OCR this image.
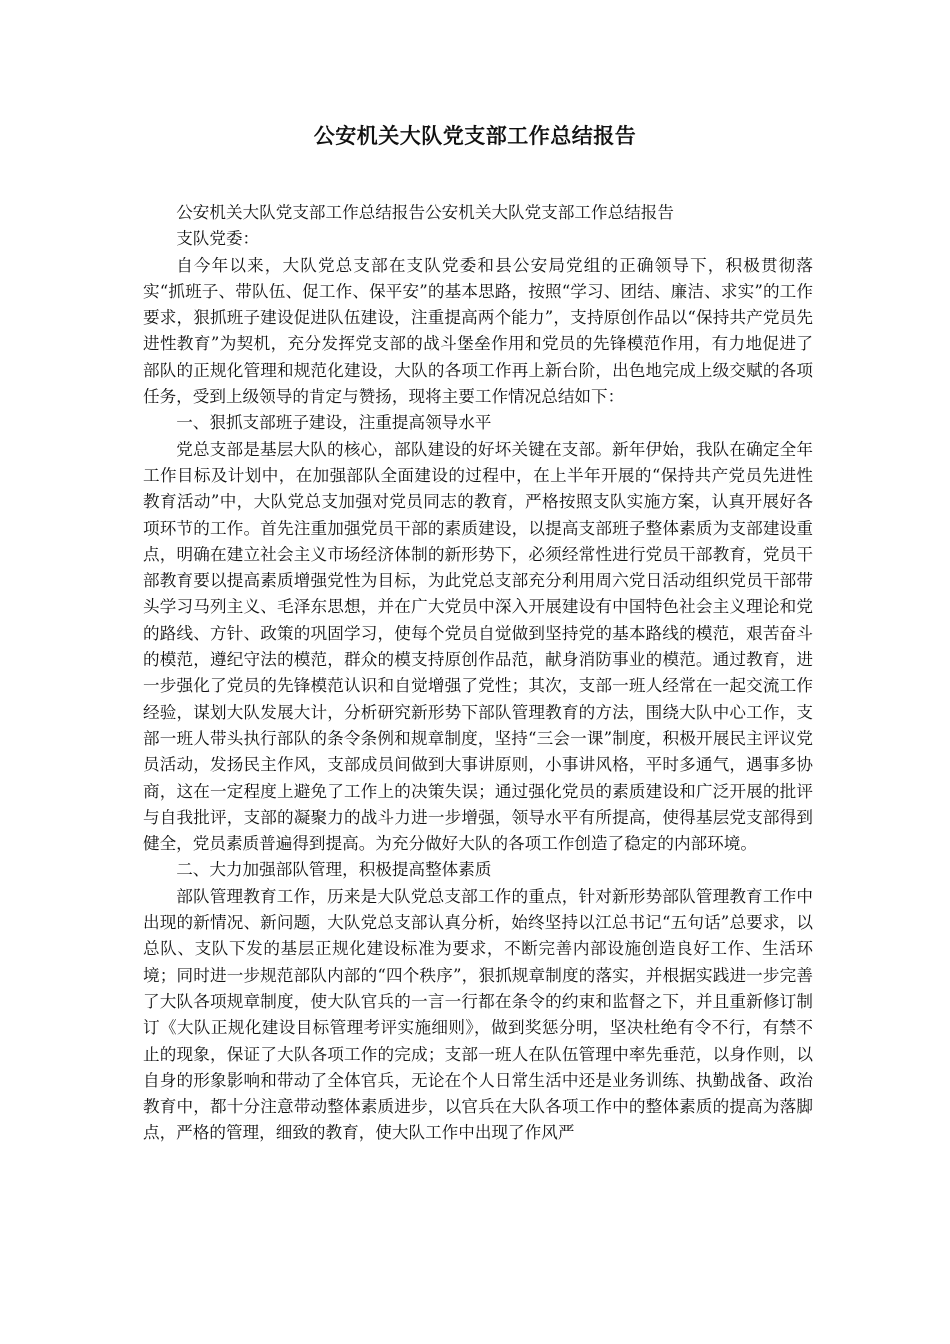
公安机关大队党支部工作总结报告

公安机关大队党支部工作总结报告公安机关大队党支部工作总结报告

支队党委：

自今年以来，大队党总支部在支队党委和县公安局党组的正确领导下，积极贯彻落实“抓班子、带队伍、促工作、保平安”的基本思路，按照“学习、团结、廉洁、求实”的工作要求，狠抓班子建设促进队伍建设，注重提高两个能力”，支持原创作品以“保持共产党员先进性教育”为契机，充分发挥党支部的战斗堡垒作用和党员的先锋模范作用，有力地促进了部队的正规化管理和规范化建设，大队的各项工作再上新台阶，出色地完成上级交赋的各项任务，受到上级领导的肯定与赞扬，现将主要工作情况总结如下：

一、狠抓支部班子建设，注重提高领导水平

党总支部是基层大队的核心，部队建设的好坏关键在支部。新年伊始，我队在确定全年工作目标及计划中，在加强部队全面建设的过程中，在上半年开展的“保持共产党员先进性教育活动”中，大队党总支加强对党员同志的教育，严格按照支队实施方案，认真开展好各项环节的工作。首先注重加强党员干部的素质建设，以提高支部班子整体素质为支部建设重点，明确在建立社会主义市场经济体制的新形势下，必须经常性进行党员干部教育，党员干部教育要以提高素质增强党性为目标，为此党总支部充分利用周六党日活动组织党员干部带头学习马列主义、毛泽东思想，并在广大党员中深入开展建设有中国特色社会主义理论和党的路线、方针、政策的巩固学习，使每个党员自觉做到坚持党的基本路线的模范，艰苦奋斗的模范，遵纪守法的模范，群众的模支持原创作品范，献身消防事业的模范。通过教育，进一步强化了党员的先锋模范认识和自觉增强了党性；其次，支部一班人经常在一起交流工作经验，谋划大队发展大计，分析研究新形势下部队管理教育的方法，围绕大队中心工作，支部一班人带头执行部队的条令条例和规章制度，坚持“三会一课”制度，积极开展民主评议党员活动，发扬民主作风，支部成员间做到大事讲原则，小事讲风格，平时多通气，遇事多协商，这在一定程度上避免了工作上的决策失误；通过强化党员的素质建设和广泛开展的批评与自我批评，支部的凝聚力的战斗力进一步增强，领导水平有所提高，使得基层党支部得到健全，党员素质普遍得到提高。为充分做好大队的各项工作创造了稳定的内部环境。

二、大力加强部队管理，积极提高整体素质

部队管理教育工作，历来是大队党总支部工作的重点，针对新形势部队管理教育工作中出现的新情况、新问题，大队党总支部认真分析，始终坚持以江总书记“五句话”总要求，以总队、支队下发的基层正规化建设标准为要求，不断完善内部设施创造良好工作、生活环境；同时进一步规范部队内部的“四个秩序”，狠抓规章制度的落实，并根据实践进一步完善了大队各项规章制度，使大队官兵的一言一行都在条令的约束和监督之下，并且重新修订制订《大队正规化建设目标管理考评实施细则》，做到奖惩分明，坚决杜绝有令不行，有禁不止的现象，保证了大队各项工作的完成；支部一班人在队伍管理中率先垂范，以身作则，以自身的形象影响和带动了全体官兵，无论在个人日常生活中还是业务训练、执勤战备、政治教育中，都十分注意带动整体素质进步，以官兵在大队各项工作中的整体素质的提高为落脚点，严格的管理，细致的教育，使大队工作中出现了作风严
